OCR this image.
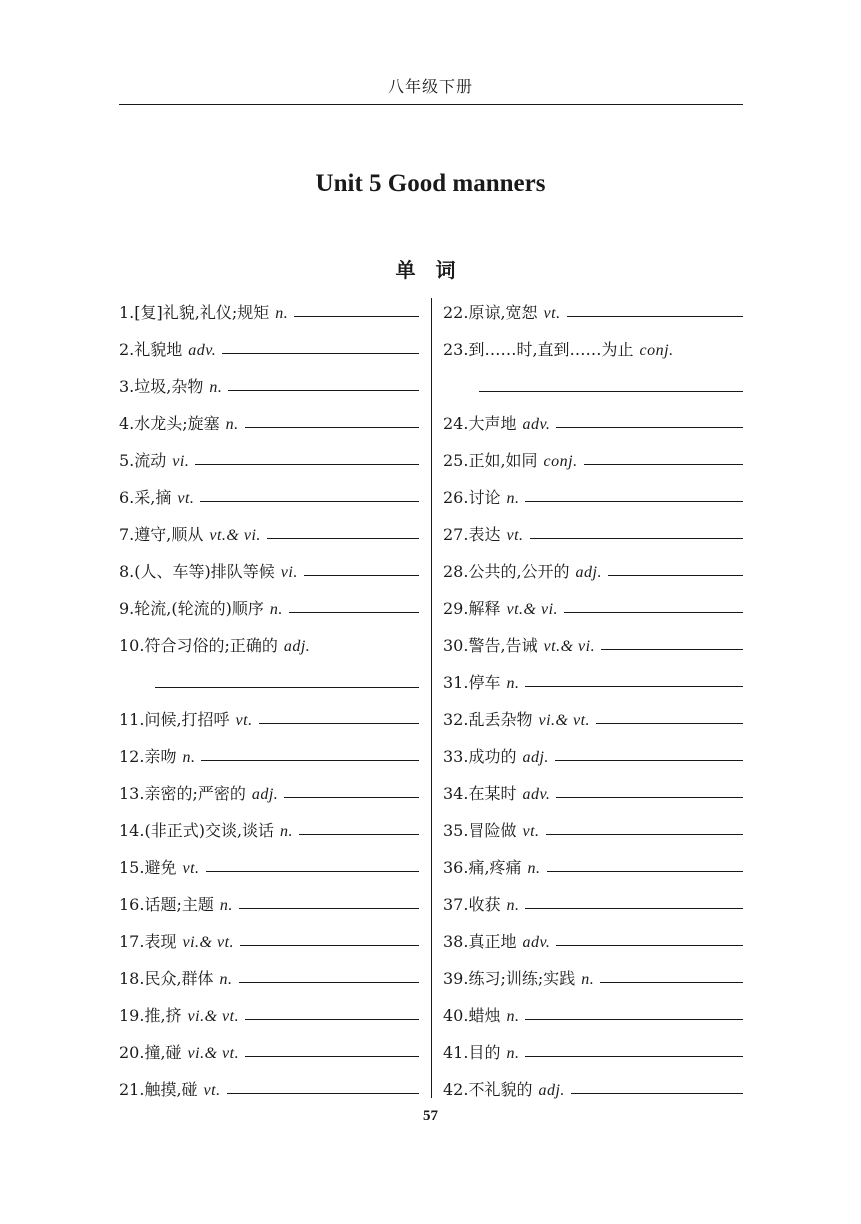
八年级下册
Unit 5 Good manners
单词
1. [复]礼貌,礼仪;规矩 n.
2. 礼貌地 adv.
3. 垃圾,杂物 n.
4. 水龙头;旋塞 n.
5. 流动 vi.
6. 采,摘 vt.
7. 遵守,顺从 vt.& vi.
8. (人、车等)排队等候 vi.
9. 轮流,(轮流的)顺序 n.
10. 符合习俗的;正确的 adj.
11. 问候,打招呼 vt.
12. 亲吻 n.
13. 亲密的;严密的 adj.
14. (非正式)交谈,谈话 n.
15. 避免 vt.
16. 话题;主题 n.
17. 表现 vi.& vt.
18. 民众,群体 n.
19. 推,挤 vi.& vt.
20. 撞,碰 vi.& vt.
21. 触摸,碰 vt.
22. 原谅,宽恕 vt.
23. 到……时,直到……为止 conj.
24. 大声地 adv.
25. 正如,如同 conj.
26. 讨论 n.
27. 表达 vt.
28. 公共的,公开的 adj.
29. 解释 vt.& vi.
30. 警告,告诫 vt.& vi.
31. 停车 n.
32. 乱丢杂物 vi.& vt.
33. 成功的 adj.
34. 在某时 adv.
35. 冒险做 vt.
36. 痛,疼痛 n.
37. 收获 n.
38. 真正地 adv.
39. 练习;训练;实践 n.
40. 蜡烛 n.
41. 目的 n.
42. 不礼貌的 adj.
57
